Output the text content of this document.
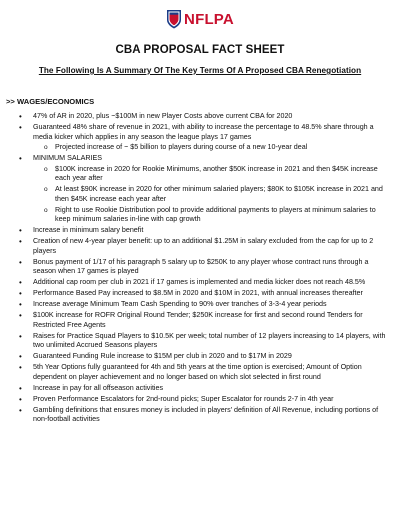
NFLPA
CBA PROPOSAL FACT SHEET
The Following Is A Summary Of The Key Terms Of A Proposed CBA Renegotiation
>> WAGES/ECONOMICS
• 47% of AR in 2020, plus ~$100M in new Player Costs above current CBA for 2020
• Guaranteed 48% share of revenue in 2021, with ability to increase the percentage to 48.5% share through a media kicker which applies in any season the league plays 17 games
o Projected increase of ~ $5 billion to players during course of a new 10-year deal
• MINIMUM SALARIES
o $100K increase in 2020 for Rookie Minimums, another $50K increase in 2021 and then $45K increase each year after
o At least $90K increase in 2020 for other minimum salaried players; $80K to $105K increase in 2021 and then $45K increase each year after
o Right to use Rookie Distribution pool to provide additional payments to players at minimum salaries to keep minimum salaries in-line with cap growth
• Increase in minimum salary benefit
• Creation of new 4-year player benefit: up to an additional $1.25M in salary excluded from the cap for up to 2 players
• Bonus payment of 1/17 of his paragraph 5 salary up to $250K to any player whose contract runs through a season when 17 games is played
• Additional cap room per club in 2021 if 17 games is implemented and media kicker does not reach 48.5%
• Performance Based Pay increased to $8.5M in 2020 and $10M in 2021, with annual increases thereafter
• Increase average Minimum Team Cash Spending to 90% over tranches of 3-3-4 year periods
• $100K increase for ROFR Original Round Tender; $250K increase for first and second round Tenders for Restricted Free Agents
• Raises for Practice Squad Players to $10.5K per week; total number of 12 players increasing to 14 players, with two unlimited Accrued Seasons players
• Guaranteed Funding Rule increase to $15M per club in 2020 and to $17M in 2029
• 5th Year Options fully guaranteed for 4th and 5th years at the time option is exercised; Amount of Option dependent on player achievement and no longer based on which slot selected in first round
• Increase in pay for all offseason activities
• Proven Performance Escalators for 2nd-round picks; Super Escalator for rounds 2-7 in 4th year
• Gambling definitions that ensures money is included in players' definition of All Revenue, including portions of non-football activities
